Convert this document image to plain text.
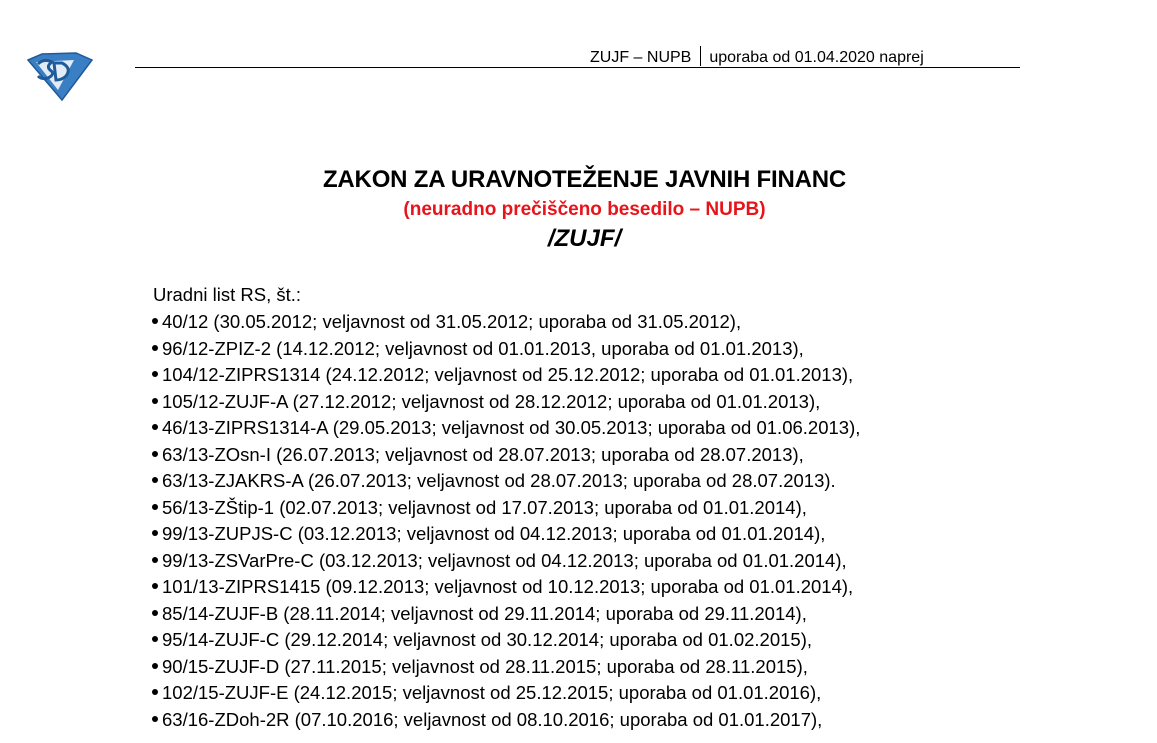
ZUJF – NUPB uporaba od 01.04.2020 naprej
ZAKON ZA URAVNOTEŽENJE JAVNIH FINANC
(neuradno prečiščeno besedilo – NUPB)
/ZUJF/
Uradni list RS, št.:
40/12 (30.05.2012; veljavnost od 31.05.2012; uporaba od 31.05.2012),
96/12-ZPIZ-2 (14.12.2012; veljavnost od 01.01.2013, uporaba od 01.01.2013),
104/12-ZIPRS1314 (24.12.2012; veljavnost od 25.12.2012; uporaba od 01.01.2013),
105/12-ZUJF-A (27.12.2012; veljavnost od 28.12.2012; uporaba od 01.01.2013),
46/13-ZIPRS1314-A (29.05.2013; veljavnost od 30.05.2013; uporaba od 01.06.2013),
63/13-ZOsn-I (26.07.2013; veljavnost od 28.07.2013; uporaba od 28.07.2013),
63/13-ZJAKRS-A (26.07.2013; veljavnost od 28.07.2013; uporaba od 28.07.2013).
56/13-ZŠtip-1 (02.07.2013; veljavnost od 17.07.2013; uporaba od 01.01.2014),
99/13-ZUPJS-C (03.12.2013; veljavnost od 04.12.2013; uporaba od 01.01.2014),
99/13-ZSVarPre-C (03.12.2013; veljavnost od 04.12.2013; uporaba od 01.01.2014),
101/13-ZIPRS1415 (09.12.2013; veljavnost od 10.12.2013; uporaba od 01.01.2014),
85/14-ZUJF-B (28.11.2014; veljavnost od 29.11.2014; uporaba od 29.11.2014),
95/14-ZUJF-C (29.12.2014; veljavnost od 30.12.2014; uporaba od 01.02.2015),
90/15-ZUJF-D (27.11.2015; veljavnost od 28.11.2015; uporaba od 28.11.2015),
102/15-ZUJF-E (24.12.2015; veljavnost od 25.12.2015; uporaba od 01.01.2016),
63/16-ZDoh-2R (07.10.2016; veljavnost od 08.10.2016; uporaba od 01.01.2017),
